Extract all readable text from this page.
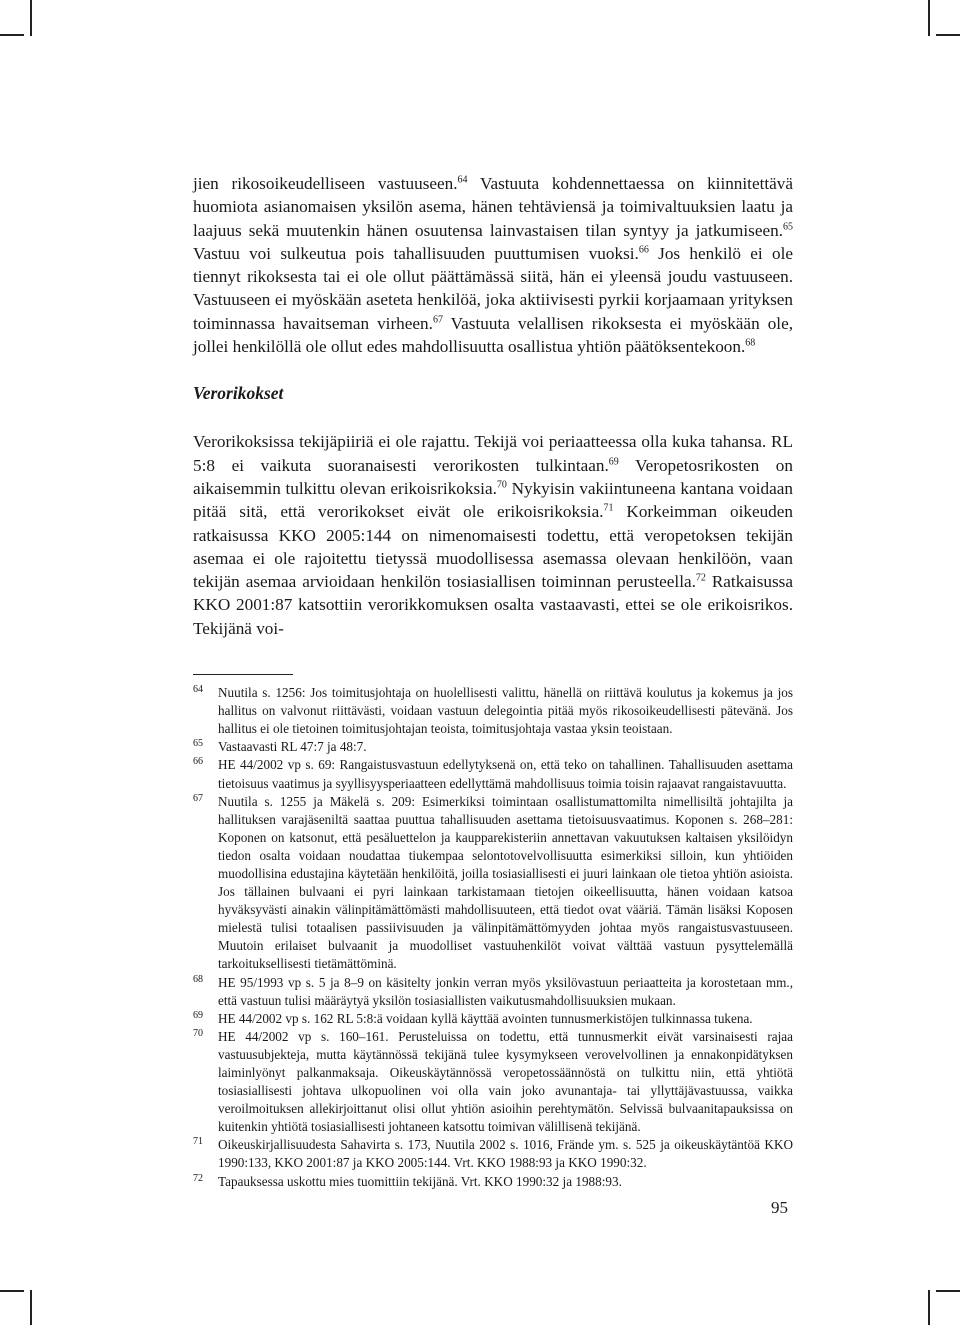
jien rikosoikeudelliseen vastuuseen.$^{64}$ Vastuuta kohdennettaessa on kiinnitettävä huomiota asianomaisen yksilön asema, hänen tehtäviensä ja toimivaltuuksien laatu ja laajuus sekä muutenkin hänen osuutensa lainvastaisen tilan syntyy ja jatkumiseen.$^{65}$ Vastuu voi sulkeutua pois tahallisuuden puuttumisen vuoksi.$^{66}$ Jos henkilö ei ole tiennyt rikoksesta tai ei ole ollut päättämässä siitä, hän ei yleensä joudu vastuuseen. Vastuuseen ei myöskään aseteta henkilöä, joka aktiivisesti pyrkii korjaamaan yrityksen toiminnassa havaitseman virheen.$^{67}$ Vastuuta velallisen rikoksesta ei myöskään ole, jollei henkilöllä ole ollut edes mahdollisuutta osallistua yhtiön päätöksentekoon.$^{68}$

Verorikokset

Verorikoksissa tekijäpiiriä ei ole rajattu. Tekijä voi periaatteessa olla kuka tahansa. RL 5:8 ei vaikuta suoranaisesti verorikosten tulkintaan.$^{69}$ Veropetosrikosten on aikaisemmin tulkittu olevan erikoisrikoksia.$^{70}$ Nykyisin vakiintuneena kantana voidaan pitää sitä, että verorikokset eivät ole erikoisrikoksia.$^{71}$ Korkeimman oikeuden ratkaisussa KKO 2005:144 on nimenomaisesti todettu, että veropetoksen tekijän asemaa ei ole rajoitettu tietyssä muodollisessa asemassa olevaan henkilöön, vaan tekijän asemaa arvioidaan henkilön tosiasiallisen toiminnan perusteella.$^{72}$ Ratkaisussa KKO 2001:87 katsottiin verorikkomuksen osalta vastaavasti, ettei se ole erikoisrikos. Tekijänä voi-

64 Nuutila s. 1256: Jos toimitusjohtaja on huolellisesti valittu, hänellä on riittävä koulutus ja kokemus ja jos hallitus on valvonut riittävästi, voidaan vastuun delegointia pitää myös rikosoikeudellisesti pätevänä. Jos hallitus ei ole tietoinen toimitusjohtajan teoista, toimitusjohtaja vastaa yksin teoistaan.
65 Vastaavasti RL 47:7 ja 48:7.
66 HE 44/2002 vp s. 69: Rangaistusvastuun edellytyksenä on, että teko on tahallinen. Tahallisuuden asettama tietoisuus vaatimus ja syyllisyysperiaatteen edellyttämä mahdollisuus toimia toisin rajaavat rangaistavuutta.
67 Nuutila s. 1255 ja Mäkelä s. 209: Esimerkiksi toimintaan osallistumattomilta nimellisiltä johtajilta ja hallituksen varajäseniltä saattaa puuttua tahallisuuden asettama tietoisuusvaatimus. Koponen s. 268–281: Koponen on katsonut, että pesäluettelon ja kaupparekisteriin annettavan vakuutuksen kaltaisen yksilöidyn tiedon osalta voidaan noudattaa tiukempaa selontotovelvollisuutta esimerkiksi silloin, kun yhtiöiden muodollisina edustajina käytetään henkilöitä, joilla tosiasiallisesti ei juuri lainkaan ole tietoa yhtiön asioista. Jos tällainen bulvaani ei pyri lainkaan tarkistamaan tietojen oikeellisuutta, hänen voidaan katsoa hyväksyvästi ainakin välinpitämättömästi mahdollisuuteen, että tiedot ovat vääriä. Tämän lisäksi Koposen mielestä tulisi totaalisen passiivisuuden ja välinpitämättömyyden johtaa myös rangaistusvastuuseen. Muutoin erilaiset bulvaanit ja muodolliset vastuuhenkilöt voivat välttää vastuun pysyttelemällä tarkoituksellisesti tietämättöminä.
68 HE 95/1993 vp s. 5 ja 8–9 on käsitelty jonkin verran myös yksilövastuun periaatteita ja korostetaan mm., että vastuun tulisi määräytyä yksilön tosiasiallisten vaikutusmahdollisuuksien mukaan.
69 HE 44/2002 vp s. 162 RL 5:8:ä voidaan kyllä käyttää avointen tunnusmerkistöjen tulkinnassa tukena.
70 HE 44/2002 vp s. 160–161. Perusteluissa on todettu, että tunnusmerkit eivät varsinaisesti rajaa vastuusubjekteja, mutta käytännössä tekijänä tulee kysymykseen verovelvollinen ja ennakonpidätyksen laiminlyönyt palkanmaksaja. Oikeuskäytännössä veropetossäännöstä on tulkittu niin, että yhtiötä tosiasiallisesti johtava ulkopuolinen voi olla vain joko avunantaja- tai yllyttäjävastuussa, vaikka veroilmoituksen allekirjoittanut olisi ollut yhtiön asioihin perehtymätön. Selvissä bulvaanitapauksissa on kuitenkin yhtiötä tosiasiallisesti johtaneen katsottu toimivan välillisenä tekijänä.
71 Oikeuskirjallisuudesta Sahavirta s. 173, Nuutila 2002 s. 1016, Frände ym. s. 525 ja oikeuskäytäntöä KKO 1990:133, KKO 2001:87 ja KKO 2005:144. Vrt. KKO 1988:93 ja KKO 1990:32.
72 Tapauksessa uskottu mies tuomittiin tekijänä. Vrt. KKO 1990:32 ja 1988:93.
95
